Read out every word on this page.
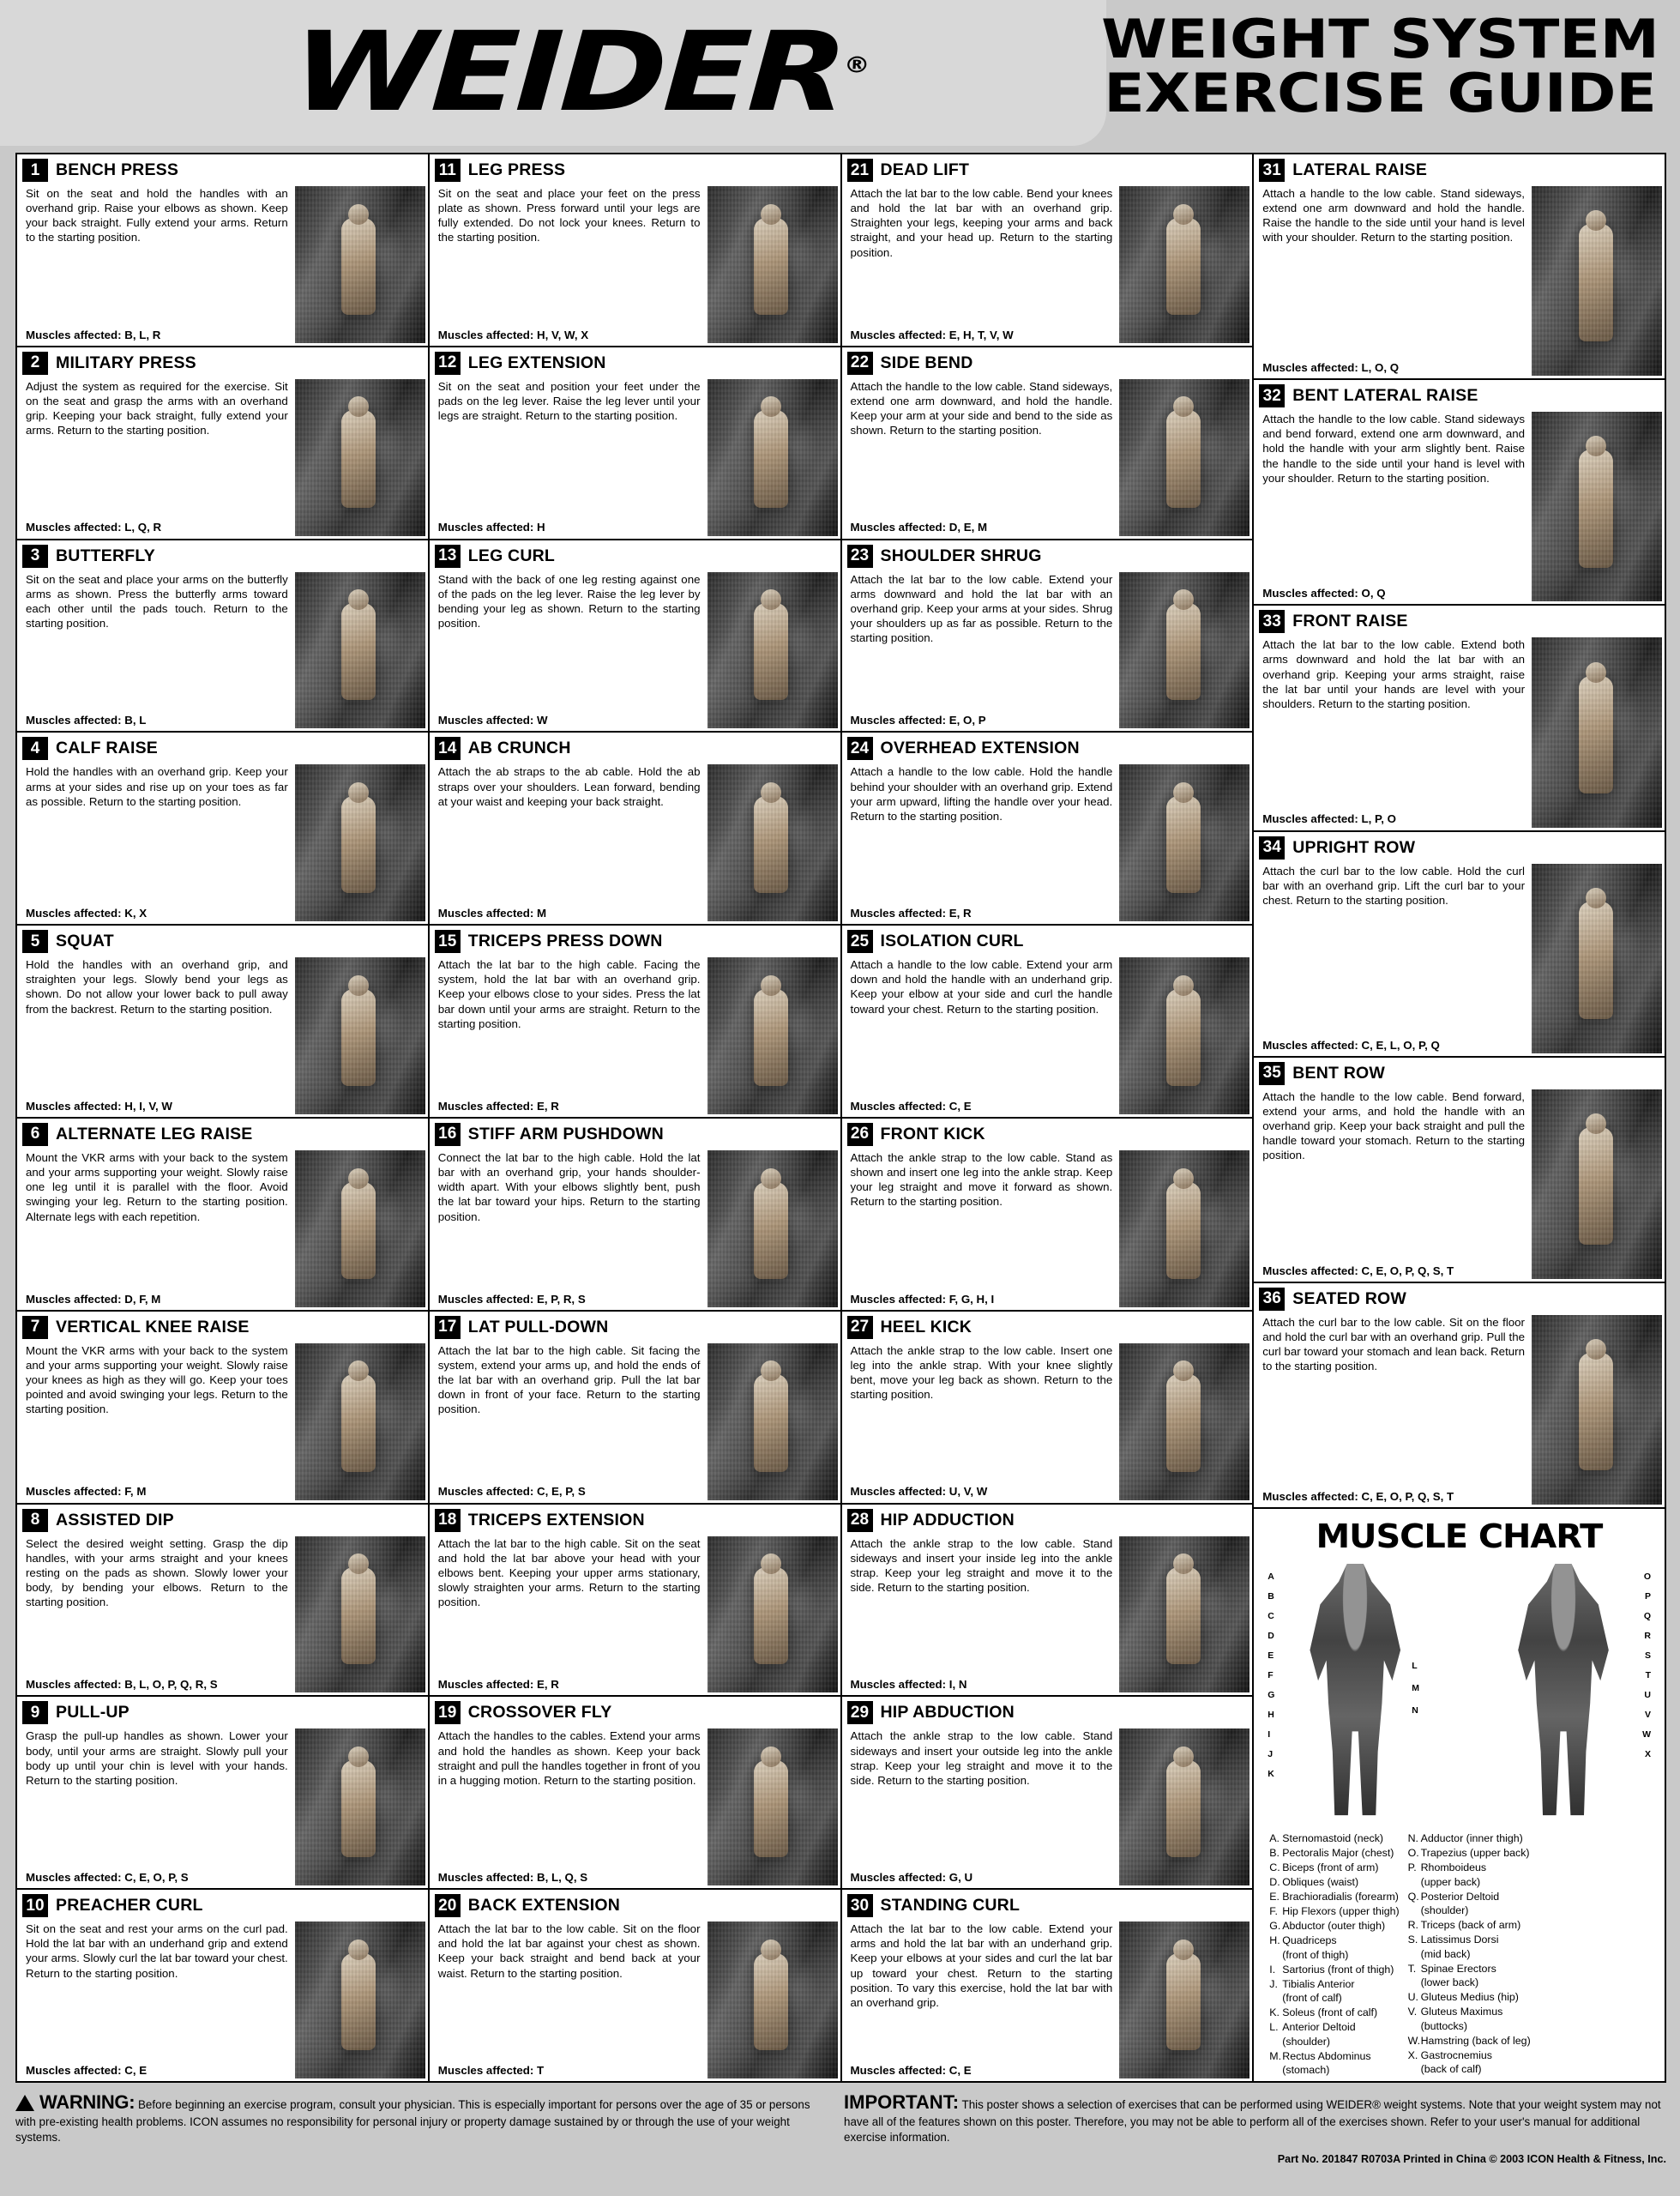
WEIDER®	WEIGHT SYSTEM
EXERCISE GUIDE
1 BENCH PRESS
Sit on the seat and hold the handles with an overhand grip. Raise your elbows as shown. Keep your back straight. Fully extend your arms. Return to the starting position.
Muscles affected: B, L, R
2 MILITARY PRESS
Adjust the system as required for the exercise. Sit on the seat and grasp the arms with an overhand grip. Keeping your back straight, fully extend your arms. Return to the starting position.
Muscles affected: L, Q, R
3 BUTTERFLY
Sit on the seat and place your arms on the butterfly arms as shown. Press the butterfly arms toward each other until the pads touch. Return to the starting position.
Muscles affected: B, L
4 CALF RAISE
Hold the handles with an overhand grip. Keep your arms at your sides and rise up on your toes as far as possible. Return to the starting position.
Muscles affected: K, X
5 SQUAT
Hold the handles with an overhand grip, and straighten your legs. Slowly bend your legs as shown. Do not allow your lower back to pull away from the backrest. Return to the starting position.
Muscles affected: H, I, V, W
6 ALTERNATE LEG RAISE
Mount the VKR arms with your back to the system and your arms supporting your weight. Slowly raise one leg until it is parallel with the floor. Avoid swinging your leg. Return to the starting position. Alternate legs with each repetition.
Muscles affected: D, F, M
7 VERTICAL KNEE RAISE
Mount the VKR arms with your back to the system and your arms supporting your weight. Slowly raise your knees as high as they will go. Keep your toes pointed and avoid swinging your legs. Return to the starting position.
Muscles affected: F, M
8 ASSISTED DIP
Select the desired weight setting. Grasp the dip handles, with your arms straight and your knees resting on the pads as shown. Slowly lower your body, by bending your elbows. Return to the starting position.
Muscles affected: B, L, O, P, Q, R, S
9 PULL-UP
Grasp the pull-up handles as shown. Lower your body, until your arms are straight. Slowly pull your body up until your chin is level with your hands. Return to the starting position.
Muscles affected: C, E, O, P, S
10 PREACHER CURL
Sit on the seat and rest your arms on the curl pad. Hold the lat bar with an underhand grip and extend your arms. Slowly curl the lat bar toward your chest. Return to the starting position.
Muscles affected: C, E
11 LEG PRESS
Sit on the seat and place your feet on the press plate as shown. Press forward until your legs are fully extended. Do not lock your knees. Return to the starting position.
Muscles affected: H, V, W, X
12 LEG EXTENSION
Sit on the seat and position your feet under the pads on the leg lever. Raise the leg lever until your legs are straight. Return to the starting position.
Muscles affected: H
13 LEG CURL
Stand with the back of one leg resting against one of the pads on the leg lever. Raise the leg lever by bending your leg as shown. Return to the starting position.
Muscles affected: W
14 AB CRUNCH
Attach the ab straps to the ab cable. Hold the ab straps over your shoulders. Lean forward, bending at your waist and keeping your back straight.
Muscles affected: M
15 TRICEPS PRESS DOWN
Attach the lat bar to the high cable. Facing the system, hold the lat bar with an overhand grip. Keep your elbows close to your sides. Press the lat bar down until your arms are straight. Return to the starting position.
Muscles affected: E, R
16 STIFF ARM PUSHDOWN
Connect the lat bar to the high cable. Hold the lat bar with an overhand grip, your hands shoulder-width apart. With your elbows slightly bent, push the lat bar toward your hips. Return to the starting position.
Muscles affected: E, P, R, S
17 LAT PULL-DOWN
Attach the lat bar to the high cable. Sit facing the system, extend your arms up, and hold the ends of the lat bar with an overhand grip. Pull the lat bar down in front of your face. Return to the starting position.
Muscles affected: C, E, P, S
18 TRICEPS EXTENSION
Attach the lat bar to the high cable. Sit on the seat and hold the lat bar above your head with your elbows bent. Keeping your upper arms stationary, slowly straighten your arms. Return to the starting position.
Muscles affected: E, R
19 CROSSOVER FLY
Attach the handles to the cables. Extend your arms and hold the handles as shown. Keep your back straight and pull the handles together in front of you in a hugging motion. Return to the starting position.
Muscles affected: B, L, Q, S
20 BACK EXTENSION
Attach the lat bar to the low cable. Sit on the floor and hold the lat bar against your chest as shown. Keep your back straight and bend back at your waist. Return to the starting position.
Muscles affected: T
21 DEAD LIFT
Attach the lat bar to the low cable. Bend your knees and hold the lat bar with an overhand grip. Straighten your legs, keeping your arms and back straight, and your head up. Return to the starting position.
Muscles affected: E, H, T, V, W
22 SIDE BEND
Attach the handle to the low cable. Stand sideways, extend one arm downward, and hold the handle. Keep your arm at your side and bend to the side as shown. Return to the starting position.
Muscles affected: D, E, M
23 SHOULDER SHRUG
Attach the lat bar to the low cable. Extend your arms downward and hold the lat bar with an overhand grip. Keep your arms at your sides. Shrug your shoulders up as far as possible. Return to the starting position.
Muscles affected: E, O, P
24 OVERHEAD EXTENSION
Attach a handle to the low cable. Hold the handle behind your shoulder with an overhand grip. Extend your arm upward, lifting the handle over your head. Return to the starting position.
Muscles affected: E, R
25 ISOLATION CURL
Attach a handle to the low cable. Extend your arm down and hold the handle with an underhand grip. Keep your elbow at your side and curl the handle toward your chest. Return to the starting position.
Muscles affected: C, E
26 FRONT KICK
Attach the ankle strap to the low cable. Stand as shown and insert one leg into the ankle strap. Keep your leg straight and move it forward as shown. Return to the starting position.
Muscles affected: F, G, H, I
27 HEEL KICK
Attach the ankle strap to the low cable. Insert one leg into the ankle strap. With your knee slightly bent, move your leg back as shown. Return to the starting position.
Muscles affected: U, V, W
28 HIP ADDUCTION
Attach the ankle strap to the low cable. Stand sideways and insert your inside leg into the ankle strap. Keep your leg straight and move it to the side. Return to the starting position.
Muscles affected: I, N
29 HIP ABDUCTION
Attach the ankle strap to the low cable. Stand sideways and insert your outside leg into the ankle strap. Keep your leg straight and move it to the side. Return to the starting position.
Muscles affected: G, U
30 STANDING CURL
Attach the lat bar to the low cable. Extend your arms and hold the lat bar with an underhand grip. Keep your elbows at your sides and curl the lat bar up toward your chest. Return to the starting position. To vary this exercise, hold the lat bar with an overhand grip.
Muscles affected: C, E
31 LATERAL RAISE
Attach a handle to the low cable. Stand sideways, extend one arm downward and hold the handle. Raise the handle to the side until your hand is level with your shoulder. Return to the starting position.
Muscles affected: L, O, Q
32 BENT LATERAL RAISE
Attach the handle to the low cable. Stand sideways and bend forward, extend one arm downward, and hold the handle with your arm slightly bent. Raise the handle to the side until your hand is level with your shoulder. Return to the starting position.
Muscles affected: O, Q
33 FRONT RAISE
Attach the lat bar to the low cable. Extend both arms downward and hold the lat bar with an overhand grip. Keeping your arms straight, raise the lat bar until your hands are level with your shoulders. Return to the starting position.
Muscles affected: L, P, O
34 UPRIGHT ROW
Attach the curl bar to the low cable. Hold the curl bar with an overhand grip. Lift the curl bar to your chest. Return to the starting position.
Muscles affected: C, E, L, O, P, Q
35 BENT ROW
Attach the handle to the low cable. Bend forward, extend your arms, and hold the handle with an overhand grip. Keep your back straight and pull the handle toward your stomach. Return to the starting position.
Muscles affected: C, E, O, P, Q, S, T
36 SEATED ROW
Attach the curl bar to the low cable. Sit on the floor and hold the curl bar with an overhand grip. Pull the curl bar toward your stomach and lean back. Return to the starting position.
Muscles affected: C, E, O, P, Q, S, T
MUSCLE CHART
A
B
C
D
E
F
G
H
I
J
K
L
M
N
O
P
Q
R
S
T
U
V
W
X
A. Sternomastoid (neck)
B. Pectoralis Major (chest)
C. Biceps (front of arm)
D. Obliques (waist)
E. Brachioradialis (forearm)
F. Hip Flexors (upper thigh)
G. Abductor (outer thigh)
H. Quadriceps
(front of thigh)
I. Sartorius (front of thigh)
J. Tibialis Anterior
(front of calf)
K. Soleus (front of calf)
L. Anterior Deltoid
(shoulder)
M.Rectus Abdominus
(stomach)
N. Adductor (inner thigh)
O. Trapezius (upper back)
P. Rhomboideus
(upper back)
Q. Posterior Deltoid
(shoulder)
R. Triceps (back of arm)
S. Latissimus Dorsi
(mid back)
T. Spinae Erectors
(lower back)
U. Gluteus Medius (hip)
V. Gluteus Maximus
(buttocks)
W.Hamstring (back of leg)
X. Gastrocnemius
(back of calf)
WARNING: Before beginning an exercise program, consult your physician. This is especially important for persons over the age of 35 or persons with pre-existing health problems. ICON assumes no responsibility for personal injury or property damage sustained by or through the use of your weight systems.
IMPORTANT: This poster shows a selection of exercises that can be performed using WEIDER® weight systems. Note that your weight system may not have all of the features shown on this poster. Therefore, you may not be able to perform all of the exercises shown. Refer to your user's manual for additional exercise information.
Part No. 201847 R0703A Printed in China © 2003 ICON Health & Fitness, Inc.
